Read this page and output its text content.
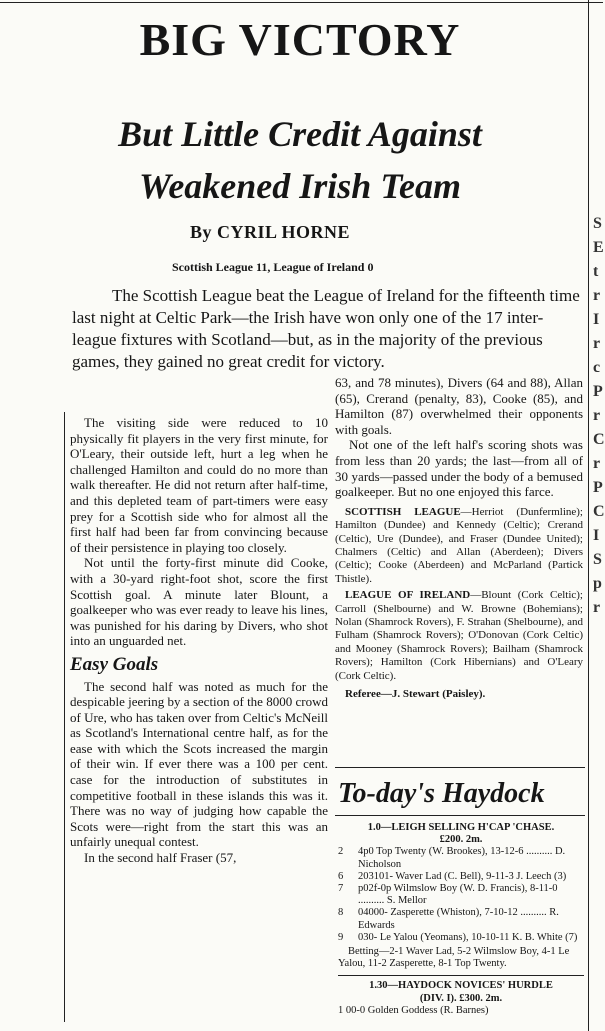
BIG VICTORY
But Little Credit Against
Weakened Irish Team
By CYRIL HORNE
Scottish League 11, League of Ireland 0
The Scottish League beat the League of Ireland for the fifteenth time last night at Celtic Park—the Irish have won only one of the 17 inter-league fixtures with Scotland—but, as in the majority of the previous games, they gained no great credit for victory.

The visiting side were reduced to 10 physically fit players in the very first minute, for O'Leary, their outside left, hurt a leg when he challenged Hamilton and could do no more than walk thereafter. He did not return after half-time, and this depleted team of part-timers were easy prey for a Scottish side who for almost all the first half had been far from convincing because of their persistence in playing too closely.

Not until the forty-first minute did Cooke, with a 30-yard right-foot shot, score the first Scottish goal. A minute later Blount, a goalkeeper who was ever ready to leave his lines, was punished for his daring by Divers, who shot into an unguarded net.

Easy Goals

The second half was noted as much for the despicable jeering by a section of the 8000 crowd of Ure, who has taken over from Celtic's McNeill as Scotland's International centre half, as for the ease with which the Scots increased the margin of their win. If ever there was a 100 per cent. case for the introduction of substitutes in competitive football in these islands this was it. There was no way of judging how capable the Scots were—right from the start this was an unfairly unequal contest.

In the second half Fraser (57,

63, and 78 minutes), Divers (64 and 88), Allan (65), Crerand (penalty, 83), Cooke (85), and Hamilton (87) overwhelmed their opponents with goals.

Not one of the left half's scoring shots was from less than 20 yards; the last—from all of 30 yards—passed under the body of a bemused goalkeeper. But no one enjoyed this farce.

SCOTTISH LEAGUE—Herriot (Dunfermline); Hamilton (Dundee) and Kennedy (Celtic); Crerand (Celtic), Ure (Dundee), and Fraser (Dundee United); Chalmers (Celtic) and Allan (Aberdeen); Divers (Celtic); Cooke (Aberdeen) and McParland (Partick Thistle).

LEAGUE OF IRELAND—Blount (Cork Celtic); Carroll (Shelbourne) and W. Browne (Bohemians); Nolan (Shamrock Rovers), F. Strahan (Shelbourne), and Fulham (Shamrock Rovers); O'Donovan (Cork Celtic) and Mooney (Shamrock Rovers); Bailham (Shamrock Rovers); Hamilton (Cork Hibernians) and O'Leary (Cork Celtic).

Referee—J. Stewart (Paisley).

To-day's Haydock
1.0—LEIGH SELLING H'CAP 'CHASE.
£200. 2m.
2	4p0 Top Twenty (W. Brookes), 13-12-6 .......... D. Nicholson
6	203101- Waver Lad (C. Bell), 9-11-3 J. Leech (3)
7	p02f-0p Wilmslow Boy (W. D. Francis), 8-11-0 .......... S. Mellor
8	04000- Zasperette (Whiston), 7-10-12 .......... R. Edwards
9	030- Le Yalou (Yeomans), 10-10-11 K. B. White (7)
Betting—2-1 Waver Lad, 5-2 Wilmslow Boy, 4-1 Le Yalou, 11-2 Zasperette, 8-1 Top Twenty.
1.30—HAYDOCK NOVICES' HURDLE
(DIV. I). £300. 2m.
1 00-0 Golden Goddess (R. Barnes)
S
E
t
r
I
r
c
P
r
C
r
P
C
I
S
p
r
